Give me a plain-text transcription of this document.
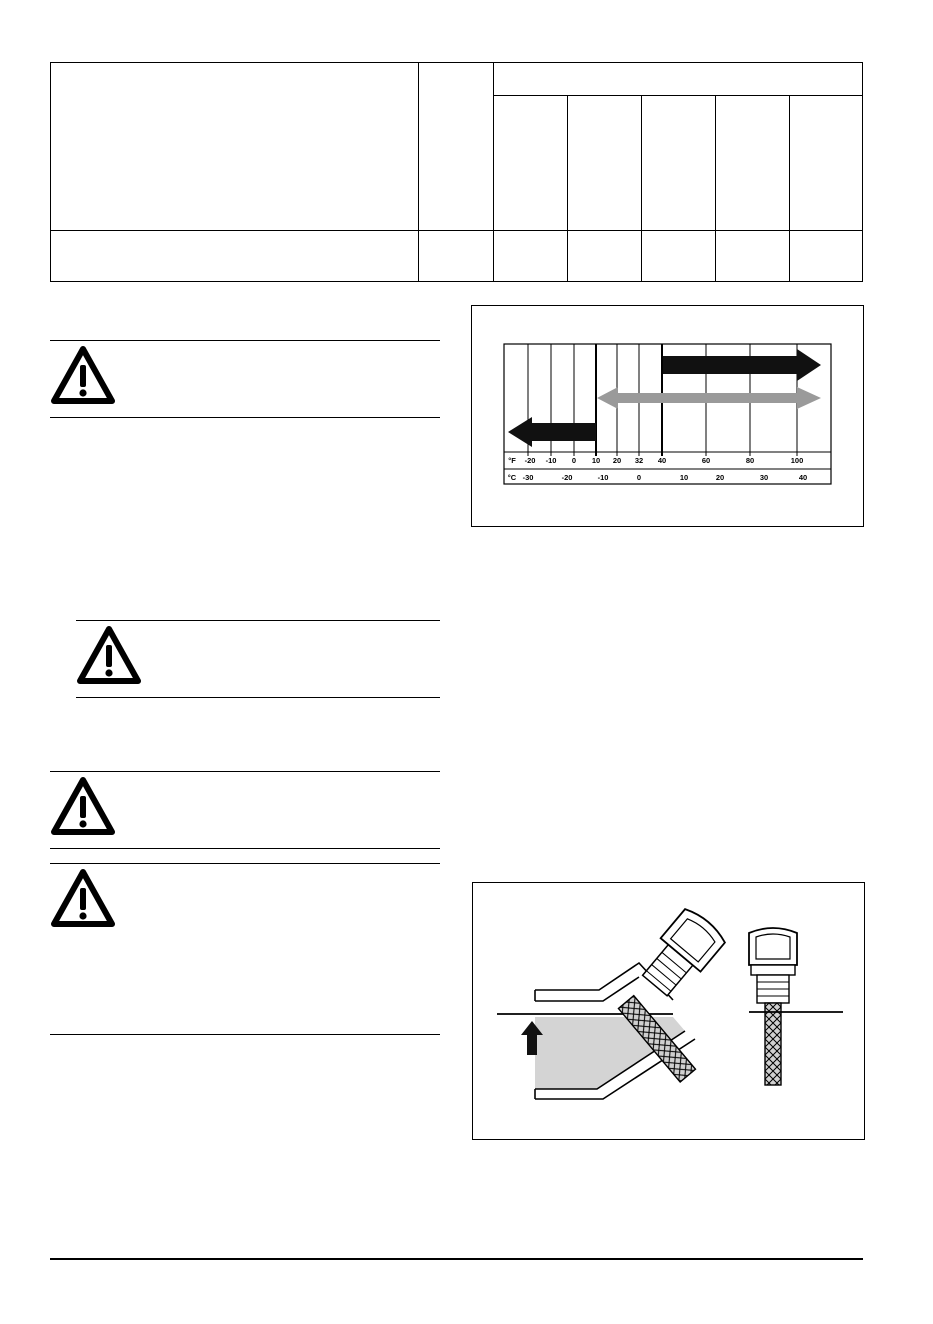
°F -20 -10 0 10 20 32 40	60	80	100
°C -30	-20	-10	0	10	20	30	40
